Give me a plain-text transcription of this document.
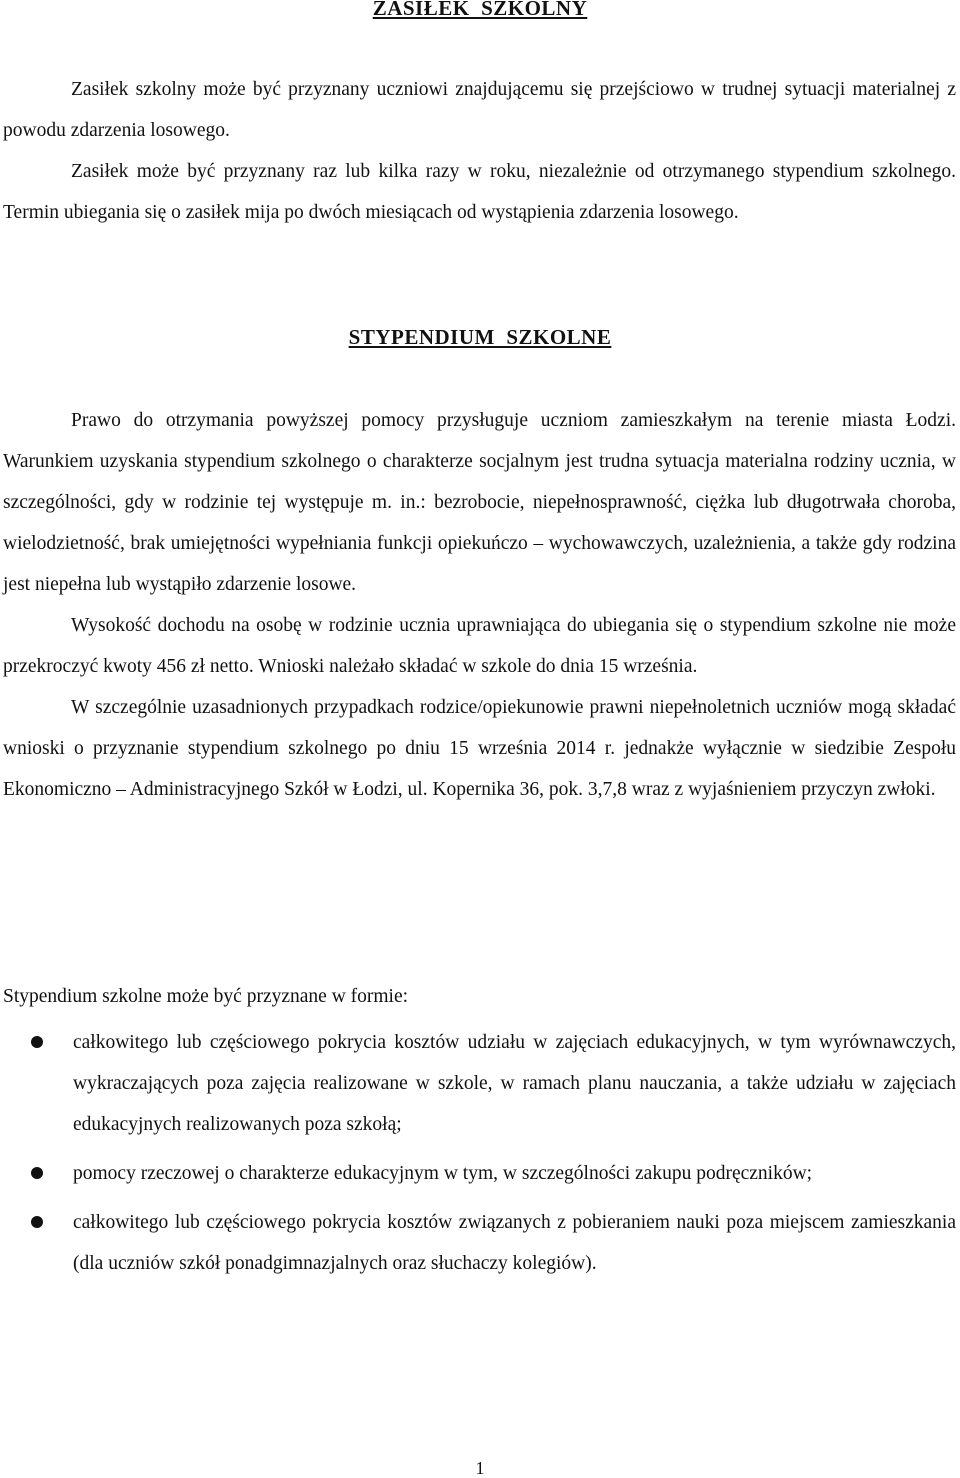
ZASIŁEK  SZKOLNY

Zasiłek szkolny może być przyznany uczniowi znajdującemu się przejściowo w trudnej sytuacji materialnej z powodu zdarzenia losowego.

Zasiłek może być przyznany raz lub kilka razy w roku, niezależnie od otrzymanego stypendium szkolnego. Termin ubiegania się o zasiłek mija po dwóch miesiącach od wystąpienia zdarzenia losowego.

STYPENDIUM  SZKOLNE

Prawo do otrzymania powyższej pomocy przysługuje uczniom zamieszkałym na terenie miasta Łodzi. Warunkiem uzyskania stypendium szkolnego o charakterze socjalnym jest trudna sytuacja materialna rodziny ucznia, w szczególności, gdy w rodzinie tej występuje m. in.: bezrobocie, niepełnosprawność, ciężka lub długotrwała choroba, wielodzietność, brak umiejętności wypełniania funkcji opiekuńczo – wychowawczych, uzależnienia, a także gdy rodzina jest niepełna lub wystąpiło zdarzenie losowe.

Wysokość dochodu na osobę w rodzinie ucznia uprawniająca do ubiegania się o stypendium szkolne nie może przekroczyć kwoty 456 zł netto. Wnioski należało składać w szkole do dnia 15 września.

W szczególnie uzasadnionych przypadkach rodzice/opiekunowie prawni niepełnoletnich uczniów mogą składać wnioski o przyznanie stypendium szkolnego po dniu 15 września 2014 r. jednakże wyłącznie w siedzibie Zespołu Ekonomiczno – Administracyjnego Szkół w Łodzi, ul. Kopernika 36, pok. 3,7,8 wraz z wyjaśnieniem przyczyn zwłoki.

Stypendium szkolne może być przyznane w formie:
całkowitego lub częściowego pokrycia kosztów udziału w zajęciach edukacyjnych, w tym wyrównawczych, wykraczających poza zajęcia realizowane w szkole, w ramach planu nauczania, a także udziału w zajęciach edukacyjnych realizowanych poza szkołą;
pomocy rzeczowej o charakterze edukacyjnym w tym, w szczególności zakupu podręczników;
całkowitego lub częściowego pokrycia kosztów związanych z pobieraniem nauki poza miejscem zamieszkania (dla uczniów szkół ponadgimnazjalnych oraz słuchaczy kolegiów).
1
